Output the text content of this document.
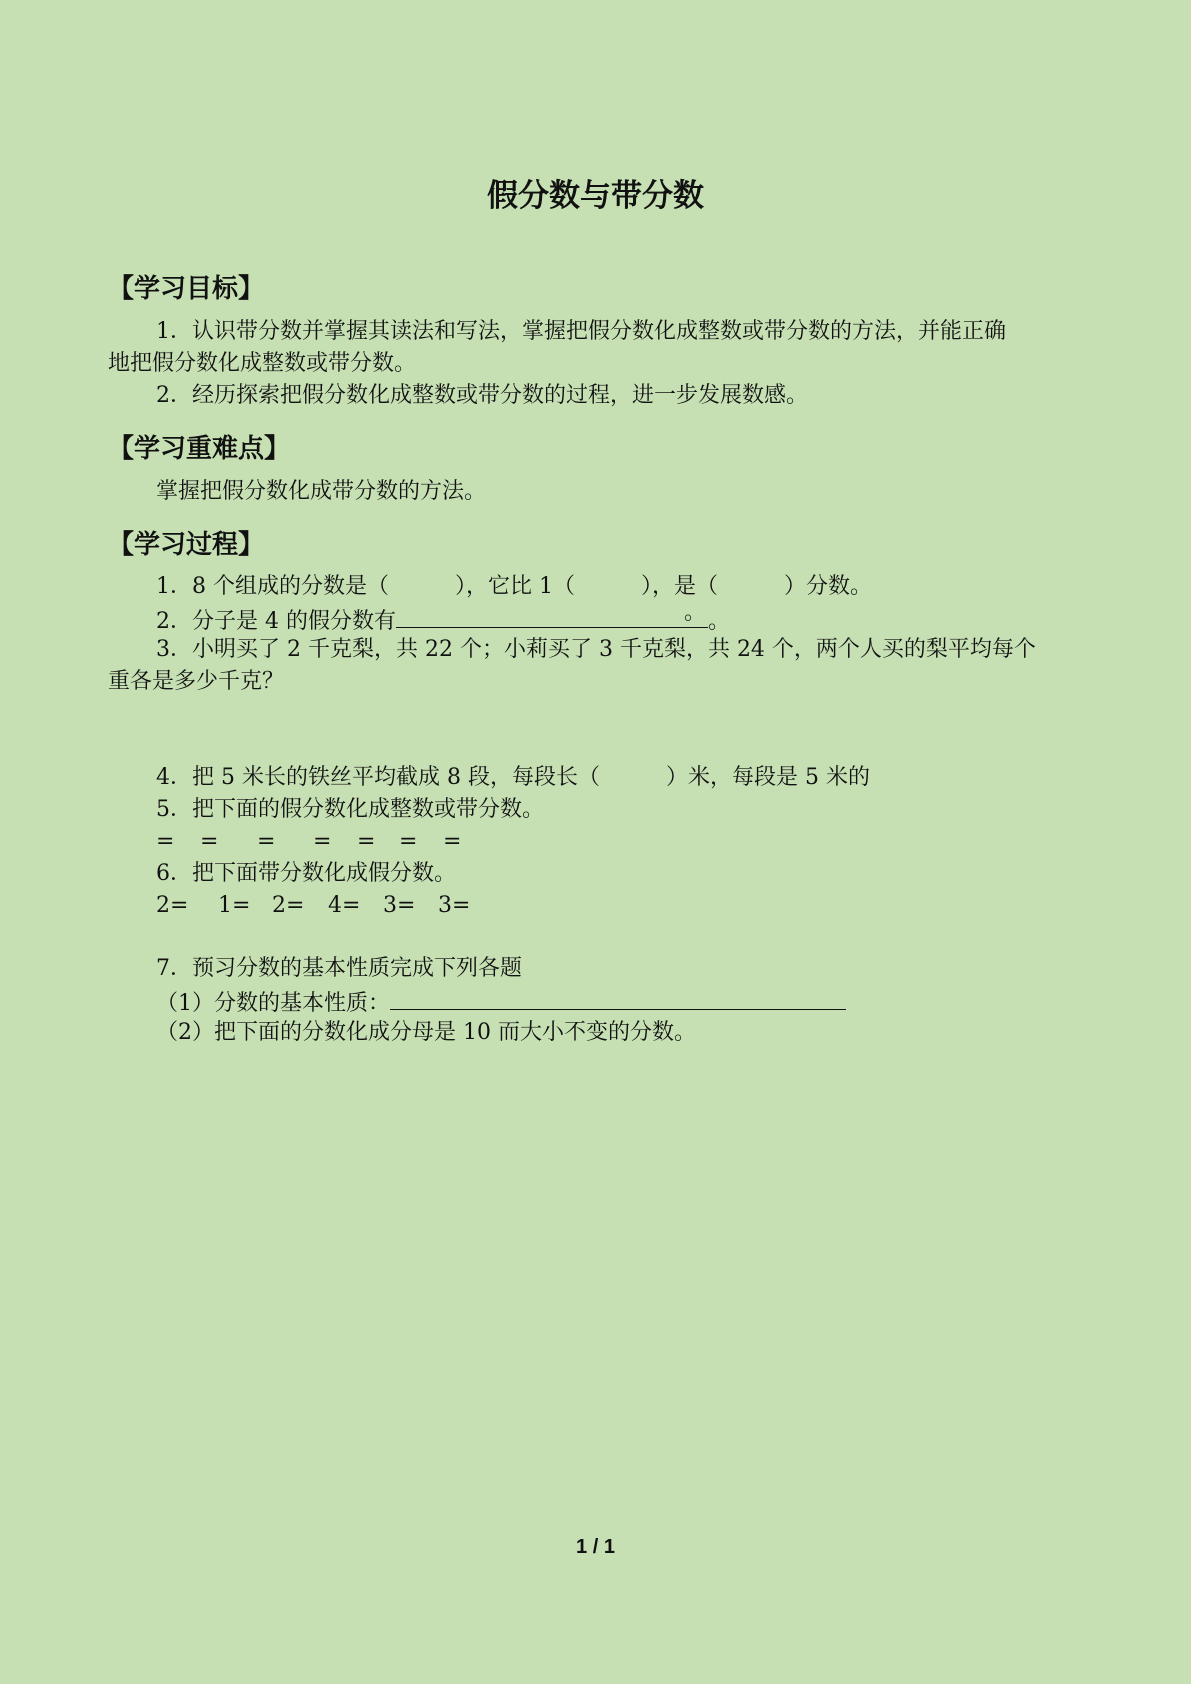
假分数与带分数
【学习目标】
1．认识带分数并掌握其读法和写法，掌握把假分数化成整数或带分数的方法，并能正确
地把假分数化成整数或带分数。
2．经历探索把假分数化成整数或带分数的过程，进一步发展数感。
【学习重难点】
掌握把假分数化成带分数的方法。
【学习过程】
1．8 个组成的分数是（　　　），它比 1（　　　），是（　　　）分数。
2．分子是 4 的假分数有	。 。
3．小明买了 2 千克梨，共 22 个；小莉买了 3 千克梨，共 24 个，两个人买的梨平均每个
重各是多少千克？
4．把 5 米长的铁丝平均截成 8 段，每段长（　　　）米，每段是 5 米的
5．把下面的假分数化成整数或带分数。
= = = = = = =
6．把下面带分数化成假分数。
2= 1= 2= 4= 3= 3=
7．预习分数的基本性质完成下列各题
（1）分数的基本性质：
（2）把下面的分数化成分母是 10 而大小不变的分数。
1 / 1
